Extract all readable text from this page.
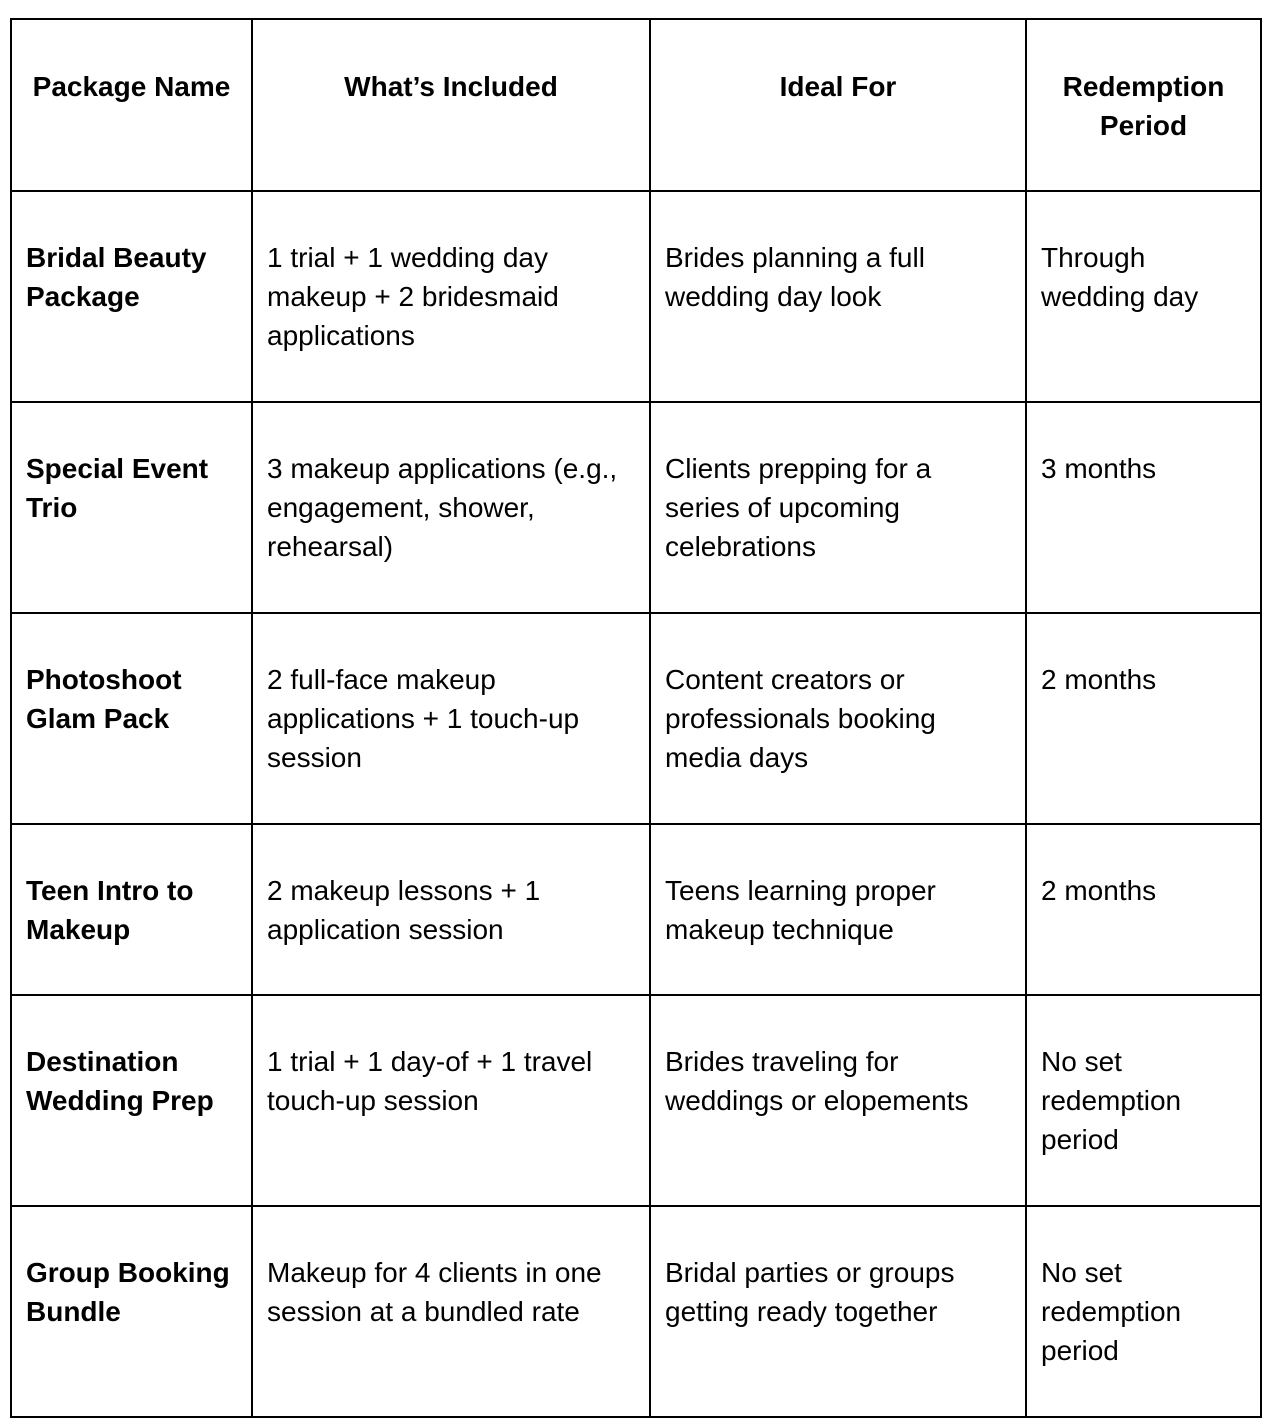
Package Name	What’s Included	Ideal For	Redemption Period
Bridal Beauty Package	1 trial + 1 wedding day makeup + 2 bridesmaid applications	Brides planning a full wedding day look	Through wedding day
Special Event Trio	3 makeup applications (e.g., engagement, shower, rehearsal)	Clients prepping for a series of upcoming celebrations	3 months
Photoshoot Glam Pack	2 full-face makeup applications + 1 touch-up session	Content creators or professionals booking media days	2 months
Teen Intro to Makeup	2 makeup lessons + 1 application session	Teens learning proper makeup technique	2 months
Destination Wedding Prep	1 trial + 1 day-of + 1 travel touch-up session	Brides traveling for weddings or elopements	No set redemption period
Group Booking Bundle	Makeup for 4 clients in one session at a bundled rate	Bridal parties or groups getting ready together	No set redemption period
